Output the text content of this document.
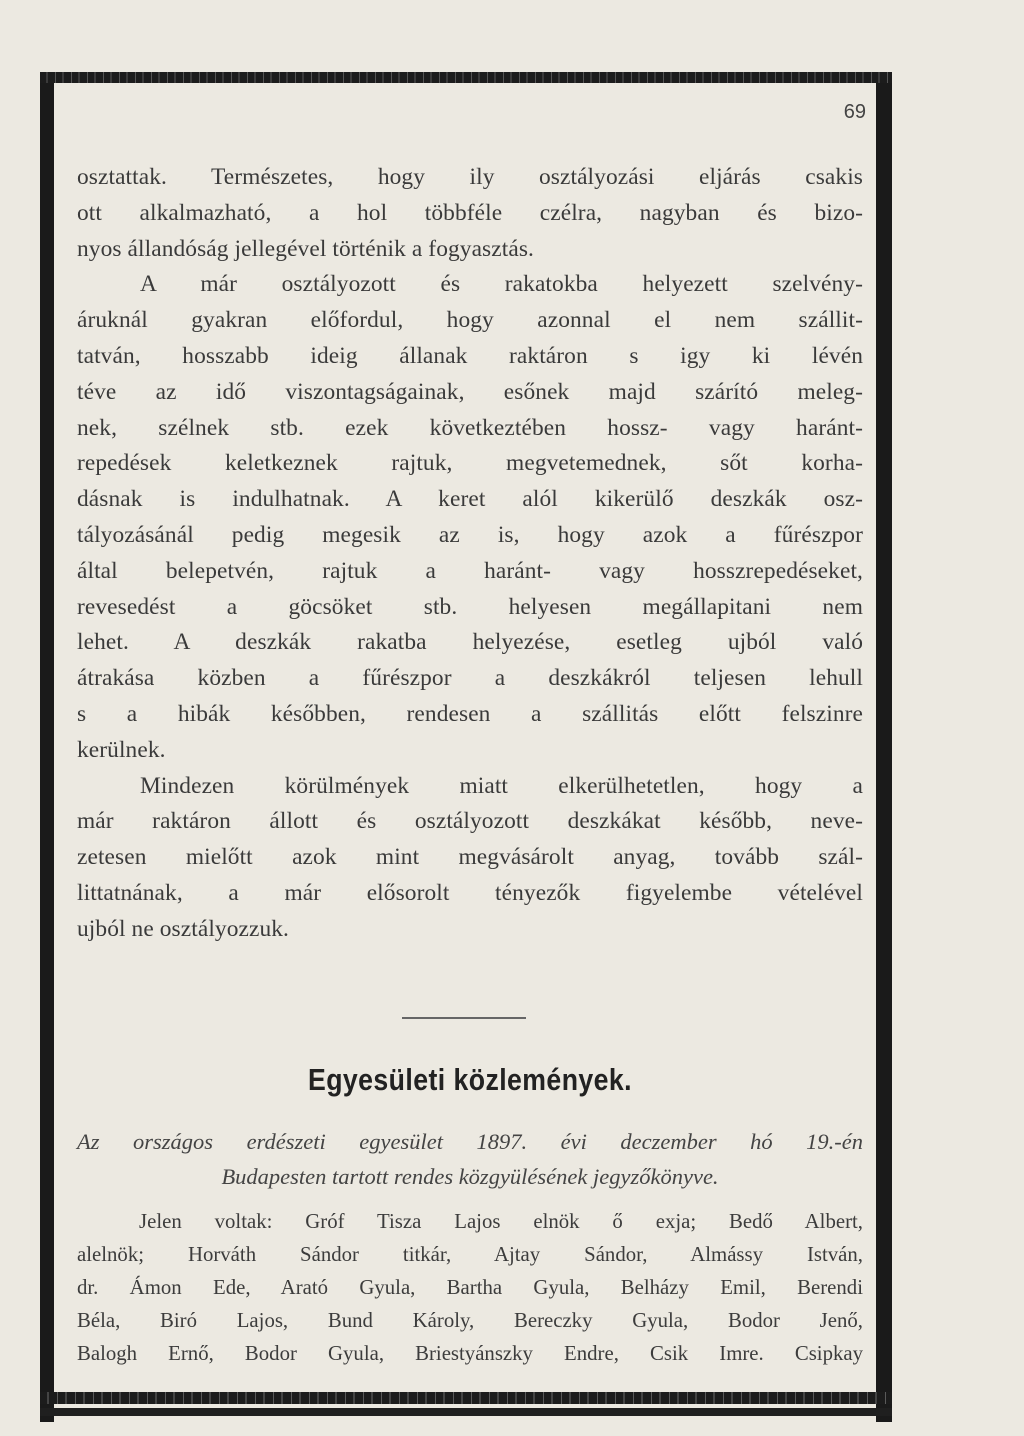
69
osztattak. Természetes, hogy ily osztályozási eljárás csakis
ott alkalmazható, a hol többféle czélra, nagyban és bizo-
nyos állandóság jellegével történik a fogyasztás.
A már osztályozott és rakatokba helyezett szelvény-
áruknál gyakran előfordul, hogy azonnal el nem szállit-
tatván, hosszabb ideig állanak raktáron s igy ki lévén
téve az idő viszontagságainak, esőnek majd szárító meleg-
nek, szélnek stb. ezek következtében hossz- vagy haránt-
repedések keletkeznek rajtuk, megvetemednek, sőt korha-
dásnak is indulhatnak. A keret alól kikerülő deszkák osz-
tályozásánál pedig megesik az is, hogy azok a fűrészpor
által belepetvén, rajtuk a haránt- vagy hosszrepedéseket,
revesedést a göcsöket stb. helyesen megállapitani nem
lehet. A deszkák rakatba helyezése, esetleg ujból való
átrakása közben a fűrészpor a deszkákról teljesen lehull
s a hibák későbben, rendesen a szállitás előtt felszinre
kerülnek.
Mindezen körülmények miatt elkerülhetetlen, hogy a
már raktáron állott és osztályozott deszkákat később, neve-
zetesen mielőtt azok mint megvásárolt anyag, tovább szál-
littatnának, a már elősorolt tényezők figyelembe vételével
ujból ne osztályozzuk.
Egyesületi közlemények.
Az országos erdészeti egyesület 1897. évi deczember hó 19.-én
Budapesten tartott rendes közgyülésének jegyzőkönyve.
Jelen voltak: Gróf Tisza Lajos elnök ő exja; Bedő Albert,
alelnök; Horváth Sándor titkár, Ajtay Sándor, Almássy István,
dr. Ámon Ede, Arató Gyula, Bartha Gyula, Belházy Emil, Berendi
Béla, Biró Lajos, Bund Károly, Bereczky Gyula, Bodor Jenő,
Balogh Ernő, Bodor Gyula, Briestyánszky Endre, Csik Imre. Csipkay
